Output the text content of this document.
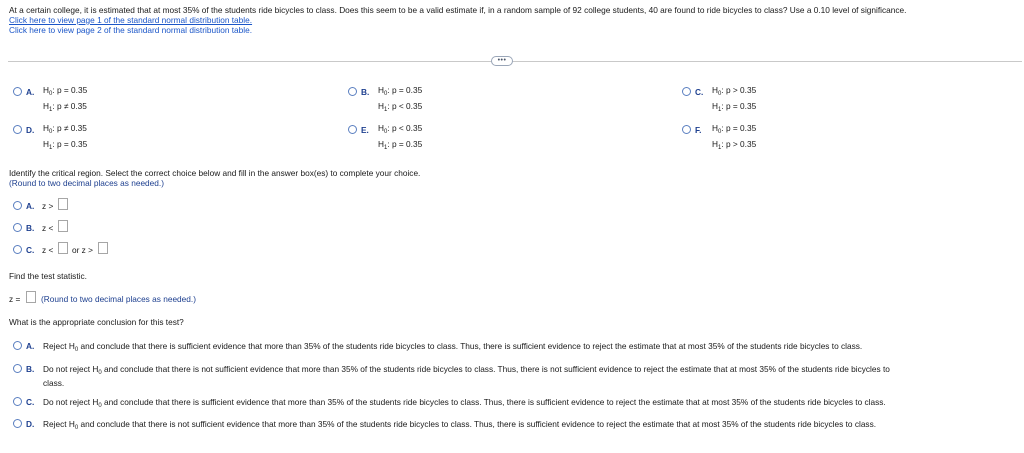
At a certain college, it is estimated that at most 35% of the students ride bicycles to class. Does this seem to be a valid estimate if, in a random sample of 92 college students, 40 are found to ride bicycles to class? Use a 0.10 level of significance.
Click here to view page 1 of the standard normal distribution table.
Click here to view page 2 of the standard normal distribution table.
•••
A. $H_0$: p = 0.35
$H_1$: p ≠ 0.35
B. $H_0$: p = 0.35
$H_1$: p < 0.35
C. $H_0$: p > 0.35
$H_1$: p = 0.35
D. $H_0$: p ≠ 0.35
$H_1$: p = 0.35
E. $H_0$: p < 0.35
$H_1$: p = 0.35
F. $H_0$: p = 0.35
$H_1$: p > 0.35
Identify the critical region. Select the correct choice below and fill in the answer box(es) to complete your choice.
(Round to two decimal places as needed.)
A. z >
B. z <
C. z < or z >
Find the test statistic.
z = (Round to two decimal places as needed.)
What is the appropriate conclusion for this test?
A. Reject $H_0$ and conclude that there is sufficient evidence that more than 35% of the students ride bicycles to class. Thus, there is sufficient evidence to reject the estimate that at most 35% of the students ride bicycles to class.
B. Do not reject $H_0$ and conclude that there is not sufficient evidence that more than 35% of the students ride bicycles to class. Thus, there is not sufficient evidence to reject the estimate that at most 35% of the students ride bicycles to
class.
C. Do not reject $H_0$ and conclude that there is sufficient evidence that more than 35% of the students ride bicycles to class. Thus, there is sufficient evidence to reject the estimate that at most 35% of the students ride bicycles to class.
D. Reject $H_0$ and conclude that there is not sufficient evidence that more than 35% of the students ride bicycles to class. Thus, there is sufficient evidence to reject the estimate that at most 35% of the students ride bicycles to class.
